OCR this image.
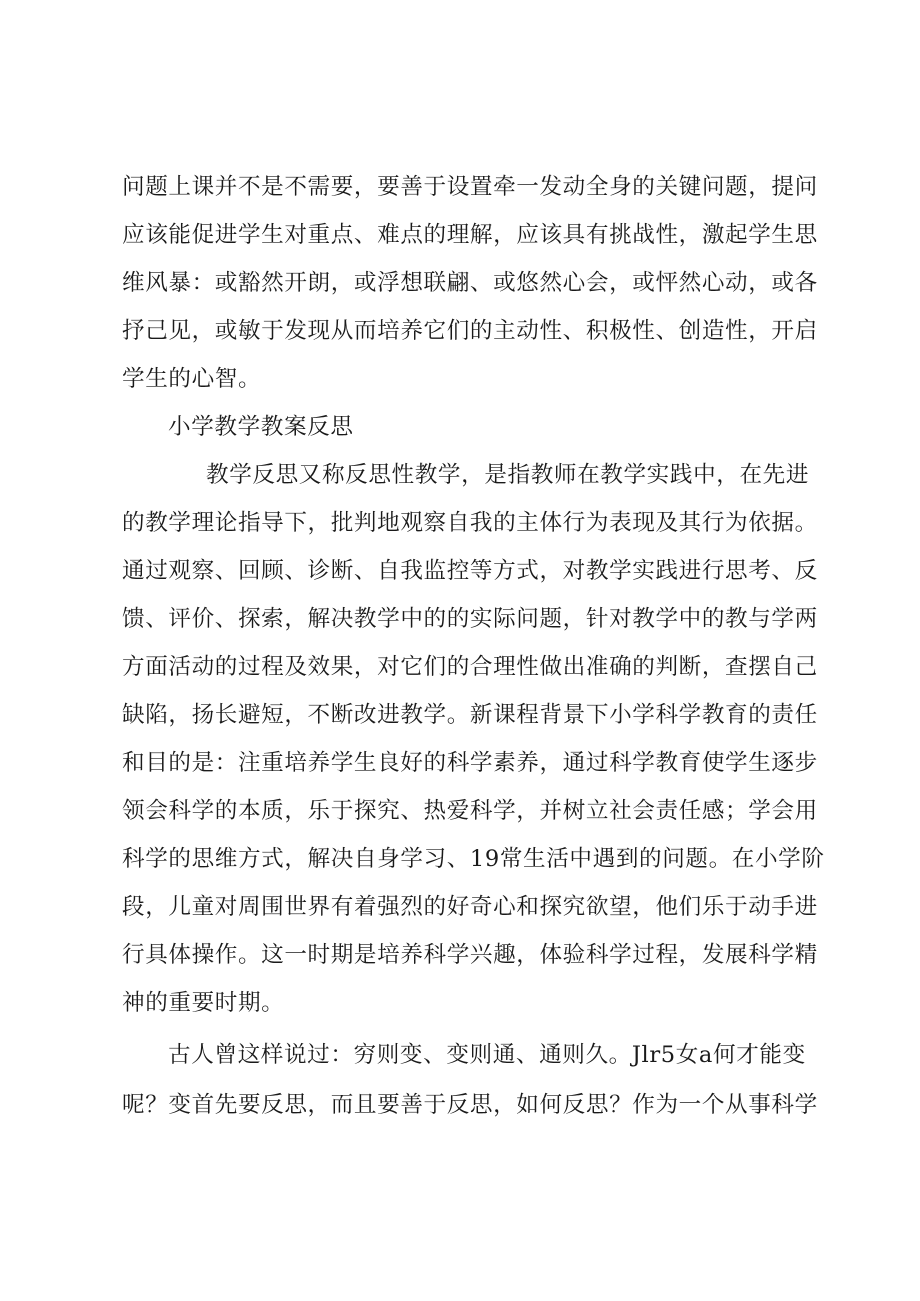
问题上课并不是不需要，要善于设置牵一发动全身的关键问题，提问
应该能促进学生对重点、难点的理解，应该具有挑战性，激起学生思
维风暴：或豁然开朗，或浮想联翩、或悠然心会，或怦然心动，或各
抒己见，或敏于发现从而培养它们的主动性、积极性、创造性，开启
学生的心智。
小学教学教案反思
教学反思又称反思性教学，是指教师在教学实践中，在先进
的教学理论指导下，批判地观察自我的主体行为表现及其行为依据。
通过观察、回顾、诊断、自我监控等方式，对教学实践进行思考、反
馈、评价、探索，解决教学中的的实际问题，针对教学中的教与学两
方面活动的过程及效果，对它们的合理性做出准确的判断，查摆自己
缺陷，扬长避短，不断改进教学。新课程背景下小学科学教育的责任
和目的是：注重培养学生良好的科学素养，通过科学教育使学生逐步
领会科学的本质，乐于探究、热爱科学，并树立社会责任感；学会用
科学的思维方式，解决自身学习、19常生活中遇到的问题。在小学阶
段，儿童对周围世界有着强烈的好奇心和探究欲望，他们乐于动手进
行具体操作。这一时期是培养科学兴趣，体验科学过程，发展科学精
神的重要时期。
古人曾这样说过：穷则变、变则通、通则久。Jlr5女a何才能变
呢？变首先要反思，而且要善于反思，如何反思？作为一个从事科学
